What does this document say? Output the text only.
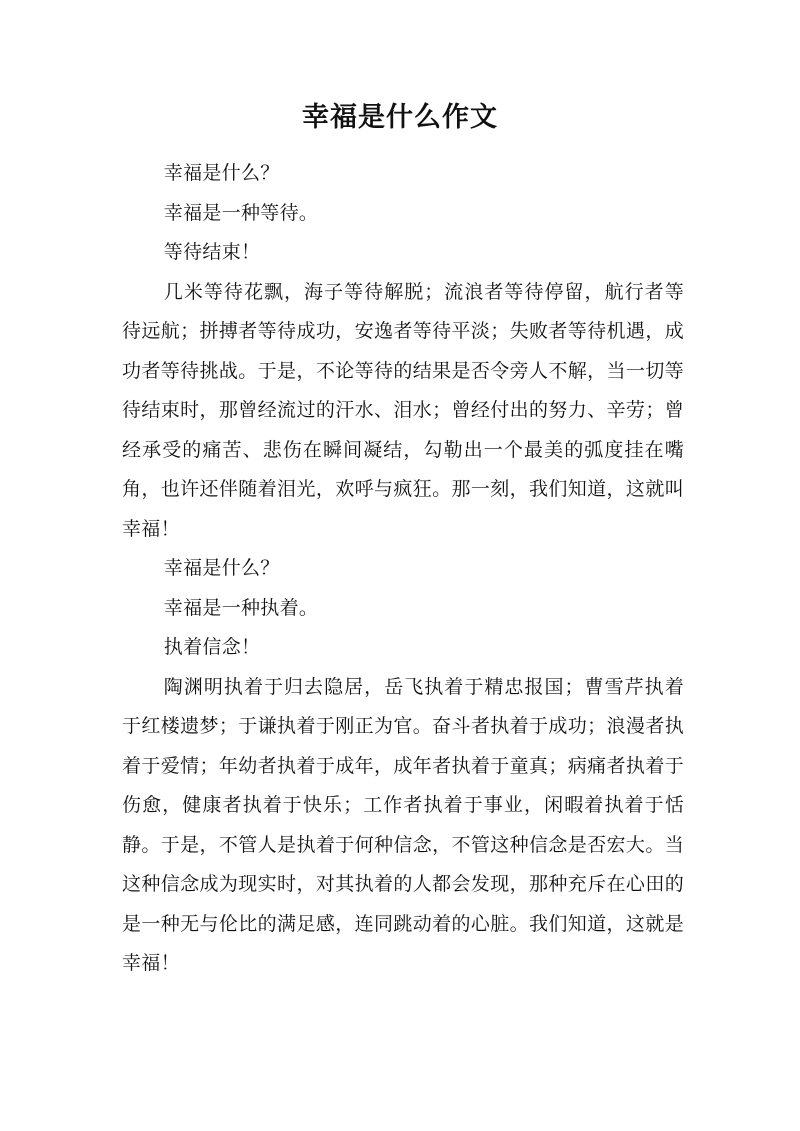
幸福是什么作文

幸福是什么？

幸福是一种等待。

等待结束！

几米等待花飘，海子等待解脱；流浪者等待停留，航行者等待远航；拼搏者等待成功，安逸者等待平淡；失败者等待机遇，成功者等待挑战。于是，不论等待的结果是否令旁人不解，当一切等待结束时，那曾经流过的汗水、泪水；曾经付出的努力、辛劳；曾经承受的痛苦、悲伤在瞬间凝结，勾勒出一个最美的弧度挂在嘴角，也许还伴随着泪光，欢呼与疯狂。那一刻，我们知道，这就叫幸福！

幸福是什么？

幸福是一种执着。

执着信念！

陶渊明执着于归去隐居，岳飞执着于精忠报国；曹雪芹执着于红楼遗梦；于谦执着于刚正为官。奋斗者执着于成功；浪漫者执着于爱情；年幼者执着于成年，成年者执着于童真；病痛者执着于伤愈，健康者执着于快乐；工作者执着于事业，闲暇着执着于恬静。于是，不管人是执着于何种信念，不管这种信念是否宏大。当这种信念成为现实时，对其执着的人都会发现，那种充斥在心田的是一种无与伦比的满足感，连同跳动着的心脏。我们知道，这就是幸福！
